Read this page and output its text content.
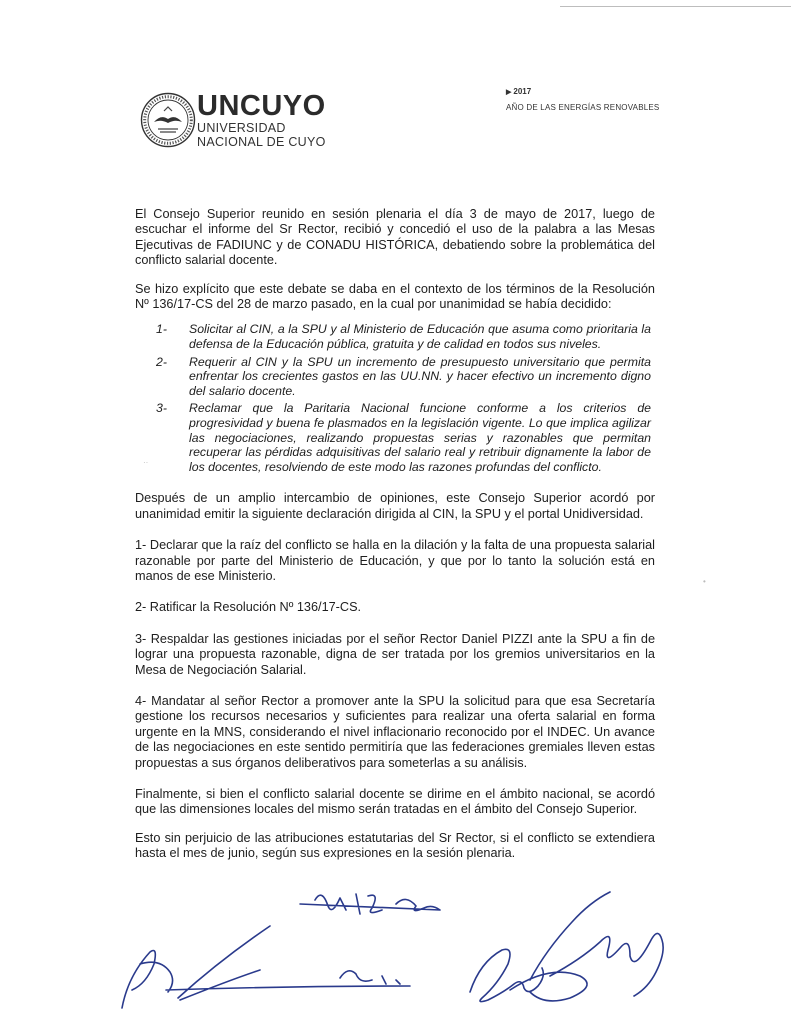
UNCUYO
UNIVERSIDAD
NACIONAL DE CUYO
▶ 2017
AÑO DE LAS ENERGÍAS RENOVABLES

El Consejo Superior reunido en sesión plenaria el día 3 de mayo de 2017, luego de escuchar el informe del Sr Rector, recibió y concedió el uso de la palabra a las Mesas Ejecutivas de FADIUNC y de CONADU HISTÓRICA, debatiendo sobre la problemática del conflicto salarial docente.

Se hizo explícito que este debate se daba en el contexto de los términos de la Resolución Nº 136/17-CS del 28 de marzo pasado, en la cual por unanimidad se había decidido:

1- Solicitar al CIN, a la SPU y al Ministerio de Educación que asuma como prioritaria la defensa de la Educación pública, gratuita y de calidad en todos sus niveles.
2- Requerir al CIN y la SPU un incremento de presupuesto universitario que permita enfrentar los crecientes gastos en las UU.NN. y hacer efectivo un incremento digno del salario docente.
3- Reclamar que la Paritaria Nacional funcione conforme a los criterios de progresividad y buena fe plasmados en la legislación vigente. Lo que implica agilizar las negociaciones, realizando propuestas serias y razonables que permitan recuperar las pérdidas adquisitivas del salario real y retribuir dignamente la labor de los docentes, resolviendo de este modo las razones profundas del conflicto.

Después de un amplio intercambio de opiniones, este Consejo Superior acordó por unanimidad emitir la siguiente declaración dirigida al CIN, la SPU y el portal Unidiversidad.

1- Declarar que la raíz del conflicto se halla en la dilación y la falta de una propuesta salarial razonable por parte del Ministerio de Educación, y que por lo tanto la solución está en manos de ese Ministerio.

2- Ratificar la Resolución Nº 136/17-CS.

3- Respaldar las gestiones iniciadas por el señor Rector Daniel PIZZI ante la SPU a fin de lograr una propuesta razonable, digna de ser tratada por los gremios universitarios en la Mesa de Negociación Salarial.

4- Mandatar al señor Rector a promover ante la SPU la solicitud para que esa Secretaría gestione los recursos necesarios y suficientes para realizar una oferta salarial en forma urgente en la MNS, considerando el nivel inflacionario reconocido por el INDEC. Un avance de las negociaciones en este sentido permitiría que las federaciones gremiales lleven estas propuestas a sus órganos deliberativos para someterlas a su análisis.

Finalmente, si bien el conflicto salarial docente se dirime en el ámbito nacional, se acordó que las dimensiones locales del mismo serán tratadas en el ámbito del Consejo Superior.

Esto sin perjuicio de las atribuciones estatutarias del Sr Rector, si el conflicto se extendiera hasta el mes de junio, según sus expresiones en la sesión plenaria.

··
•
